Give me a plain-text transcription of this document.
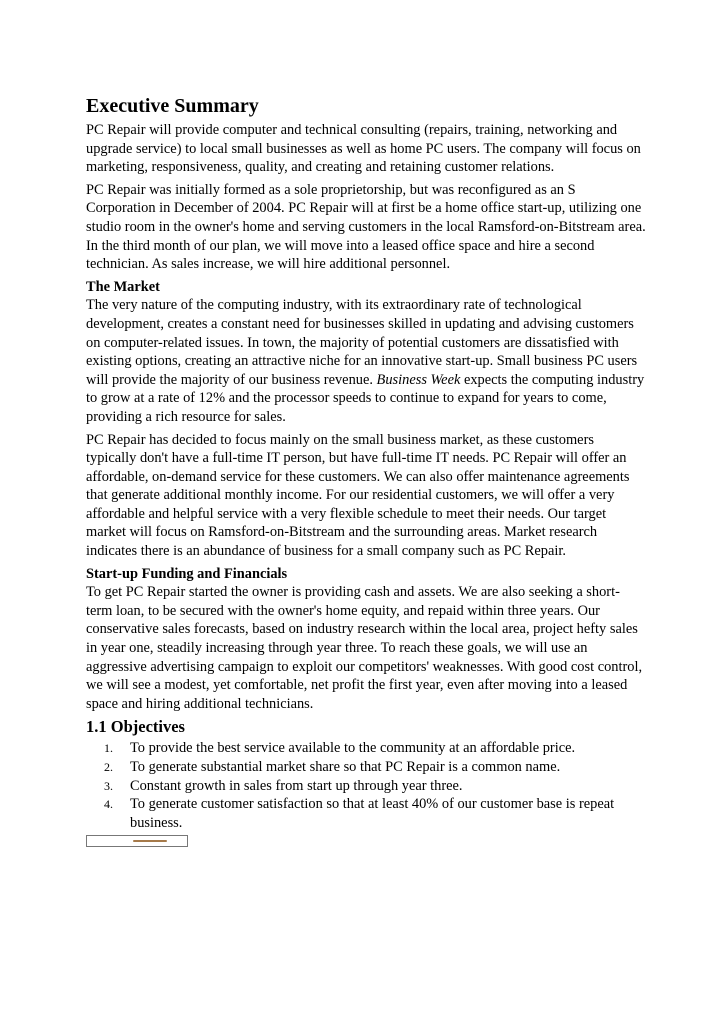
Executive Summary

PC Repair will provide computer and technical consulting (repairs, training, networking and upgrade service) to local small businesses as well as home PC users. The company will focus on marketing, responsiveness, quality, and creating and retaining customer relations.

PC Repair was initially formed as a sole proprietorship, but was reconfigured as an S Corporation in December of 2004. PC Repair will at first be a home office start-up, utilizing one studio room in the owner's home and serving customers in the local Ramsford-on-Bitstream area. In the third month of our plan, we will move into a leased office space and hire a second technician. As sales increase, we will hire additional personnel.

The Market

The very nature of the computing industry, with its extraordinary rate of technological development, creates a constant need for businesses skilled in updating and advising customers on computer-related issues. In town, the majority of potential customers are dissatisfied with existing options, creating an attractive niche for an innovative start-up. Small business PC users will provide the majority of our business revenue. Business Week expects the computing industry to grow at a rate of 12% and the processor speeds to continue to expand for years to come, providing a rich resource for sales.

PC Repair has decided to focus mainly on the small business market, as these customers typically don't have a full-time IT person, but have full-time IT needs. PC Repair will offer an affordable, on-demand service for these customers. We can also offer maintenance agreements that generate additional monthly income. For our residential customers, we will offer a very affordable and helpful service with a very flexible schedule to meet their needs. Our target market will focus on Ramsford-on-Bitstream and the surrounding areas. Market research indicates there is an abundance of business for a small company such as PC Repair.

Start-up Funding and Financials

To get PC Repair started the owner is providing cash and assets. We are also seeking a short-term loan, to be secured with the owner's home equity, and repaid within three years. Our conservative sales forecasts, based on industry research within the local area, project hefty sales in year one, steadily increasing through year three. To reach these goals, we will use an aggressive advertising campaign to exploit our competitors' weaknesses. With good cost control, we will see a modest, yet comfortable, net profit the first year, even after moving into a leased space and hiring additional technicians.

1.1 Objectives
1. To provide the best service available to the community at an affordable price.
2. To generate substantial market share so that PC Repair is a common name.
3. Constant growth in sales from start up through year three.
4. To generate customer satisfaction so that at least 40% of our customer base is repeat business.
